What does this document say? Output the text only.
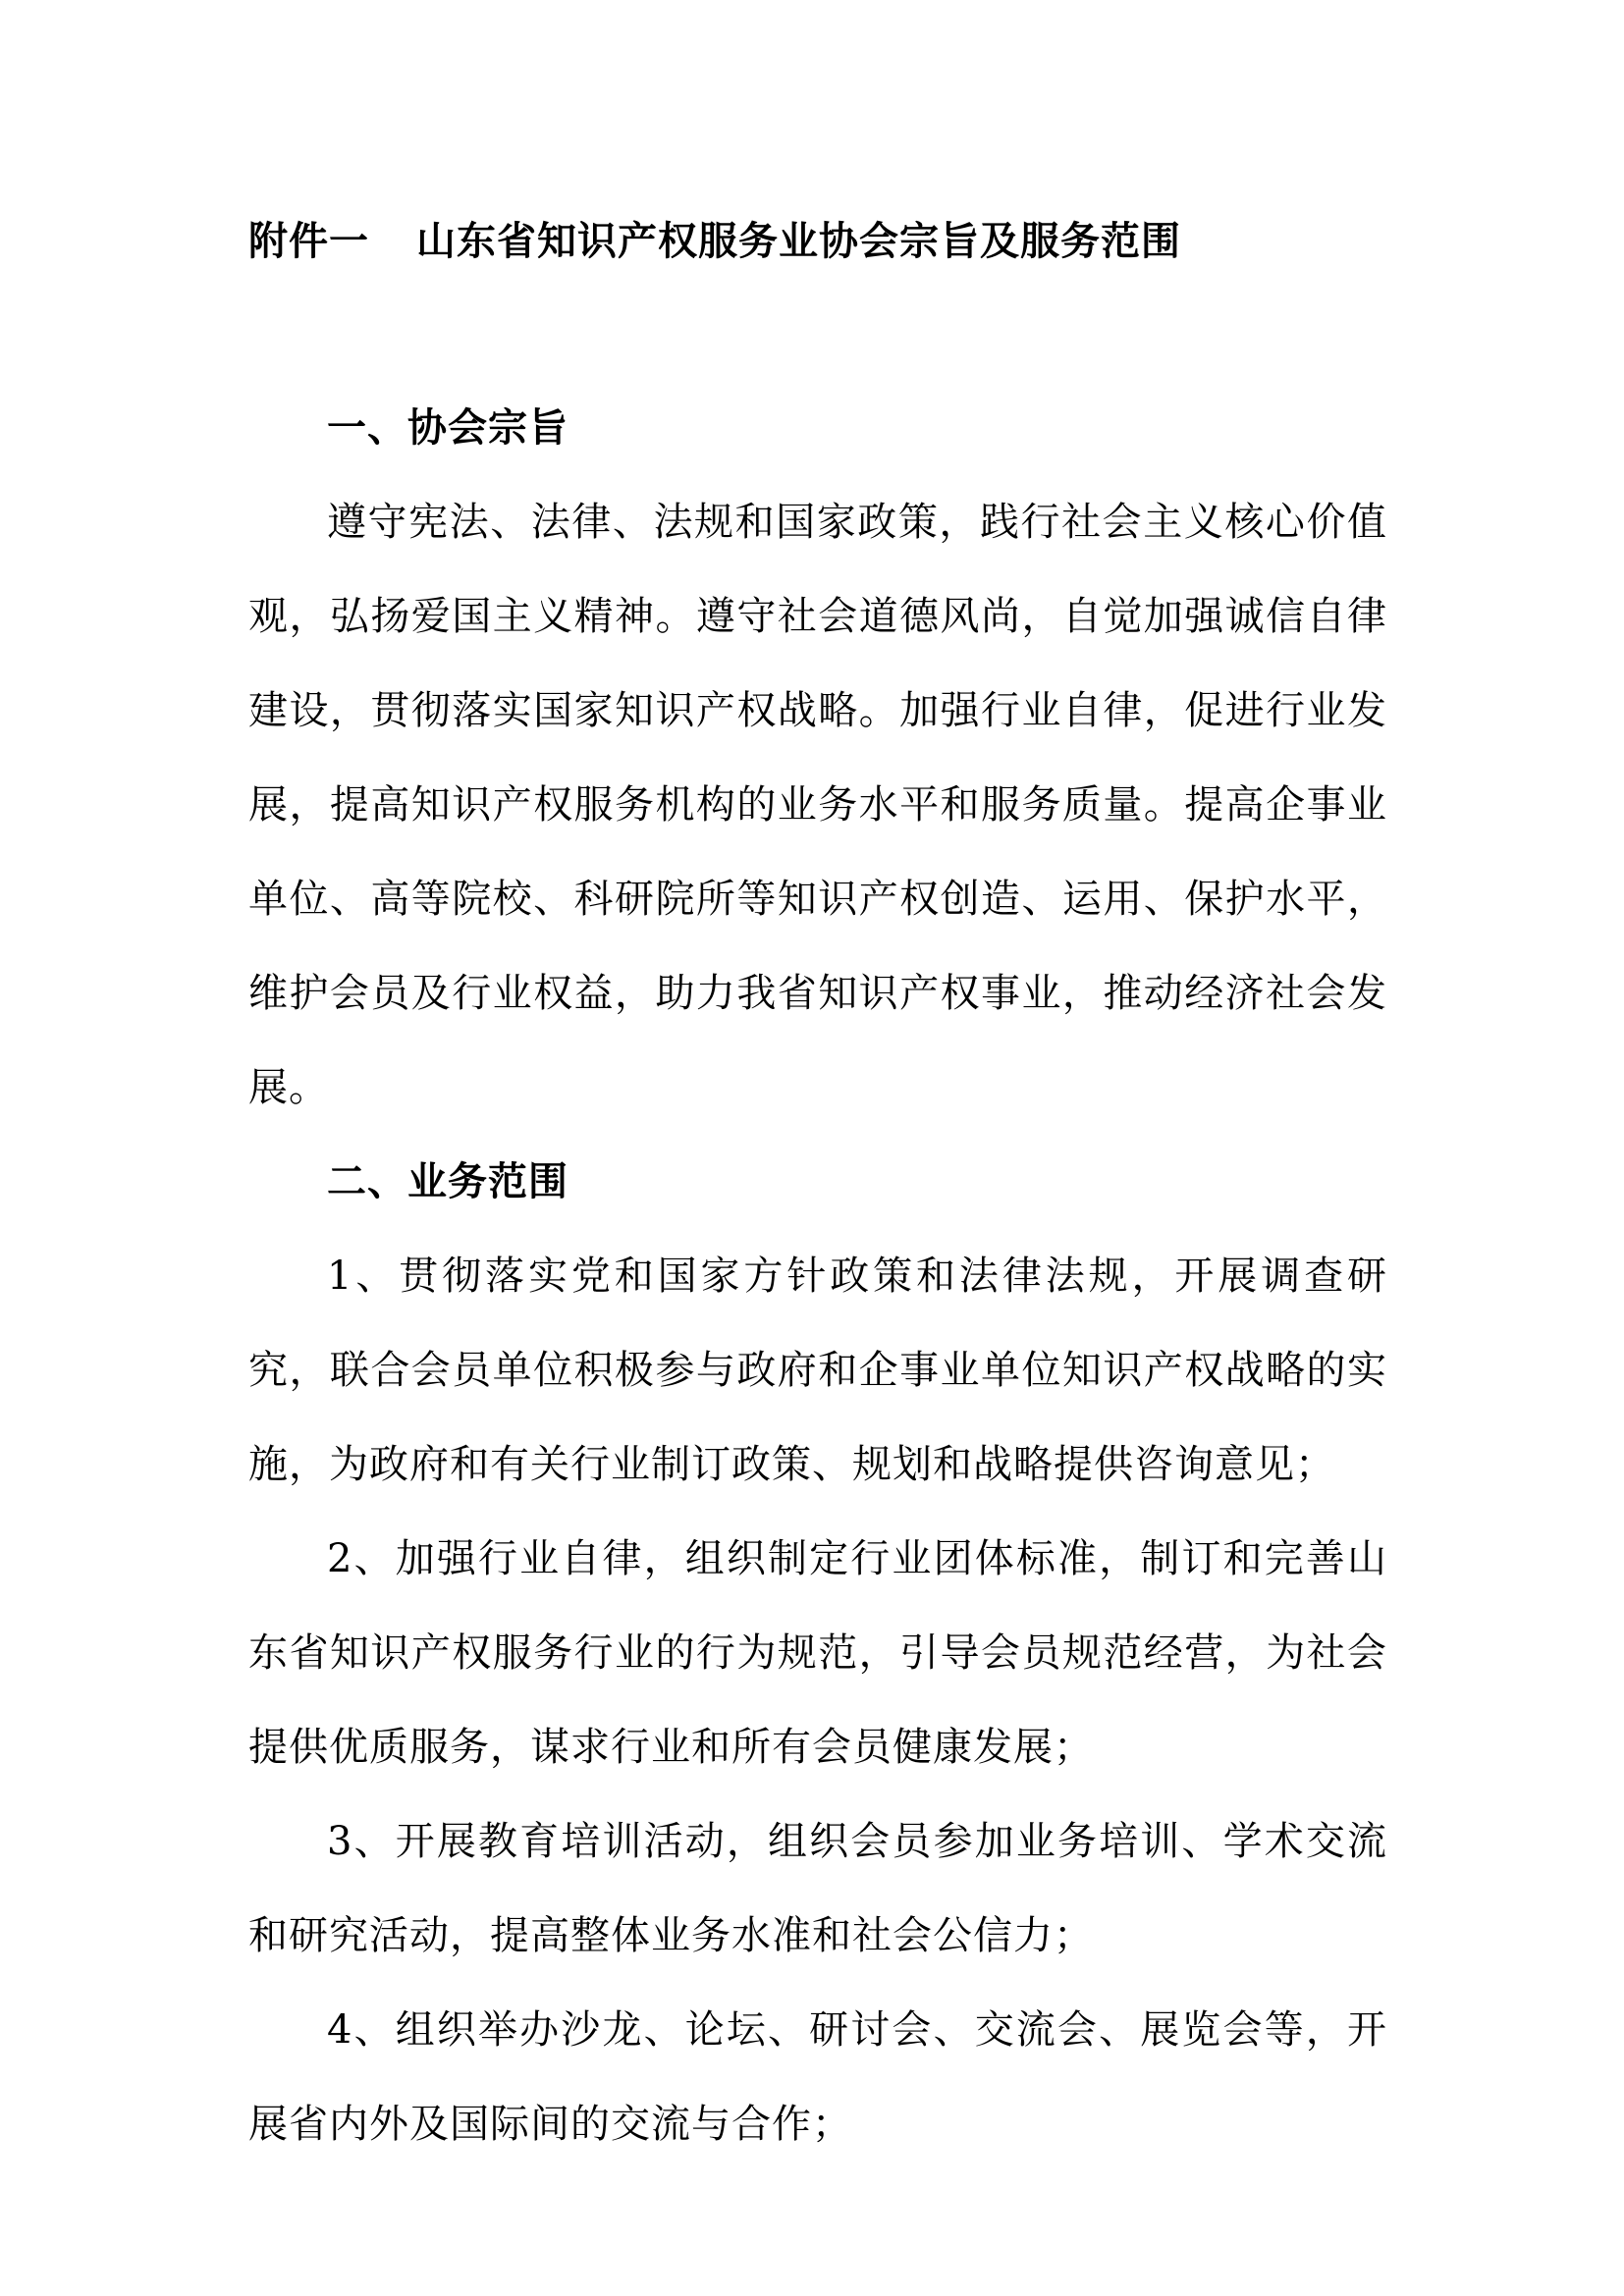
附件一 山东省知识产权服务业协会宗旨及服务范围

一、协会宗旨

遵守宪法、法律、法规和国家政策，践行社会主义核心价值观，弘扬爱国主义精神。遵守社会道德风尚，自觉加强诚信自律建设，贯彻落实国家知识产权战略。加强行业自律，促进行业发展，提高知识产权服务机构的业务水平和服务质量。提高企事业单位、高等院校、科研院所等知识产权创造、运用、保护水平，维护会员及行业权益，助力我省知识产权事业，推动经济社会发展。

二、业务范围

1、贯彻落实党和国家方针政策和法律法规，开展调查研究，联合会员单位积极参与政府和企事业单位知识产权战略的实施，为政府和有关行业制订政策、规划和战略提供咨询意见；

2、加强行业自律，组织制定行业团体标准，制订和完善山东省知识产权服务行业的行为规范，引导会员规范经营，为社会提供优质服务，谋求行业和所有会员健康发展；

3、开展教育培训活动，组织会员参加业务培训、学术交流和研究活动，提高整体业务水准和社会公信力；

4、组织举办沙龙、论坛、研讨会、交流会、展览会等，开展省内外及国际间的交流与合作；
